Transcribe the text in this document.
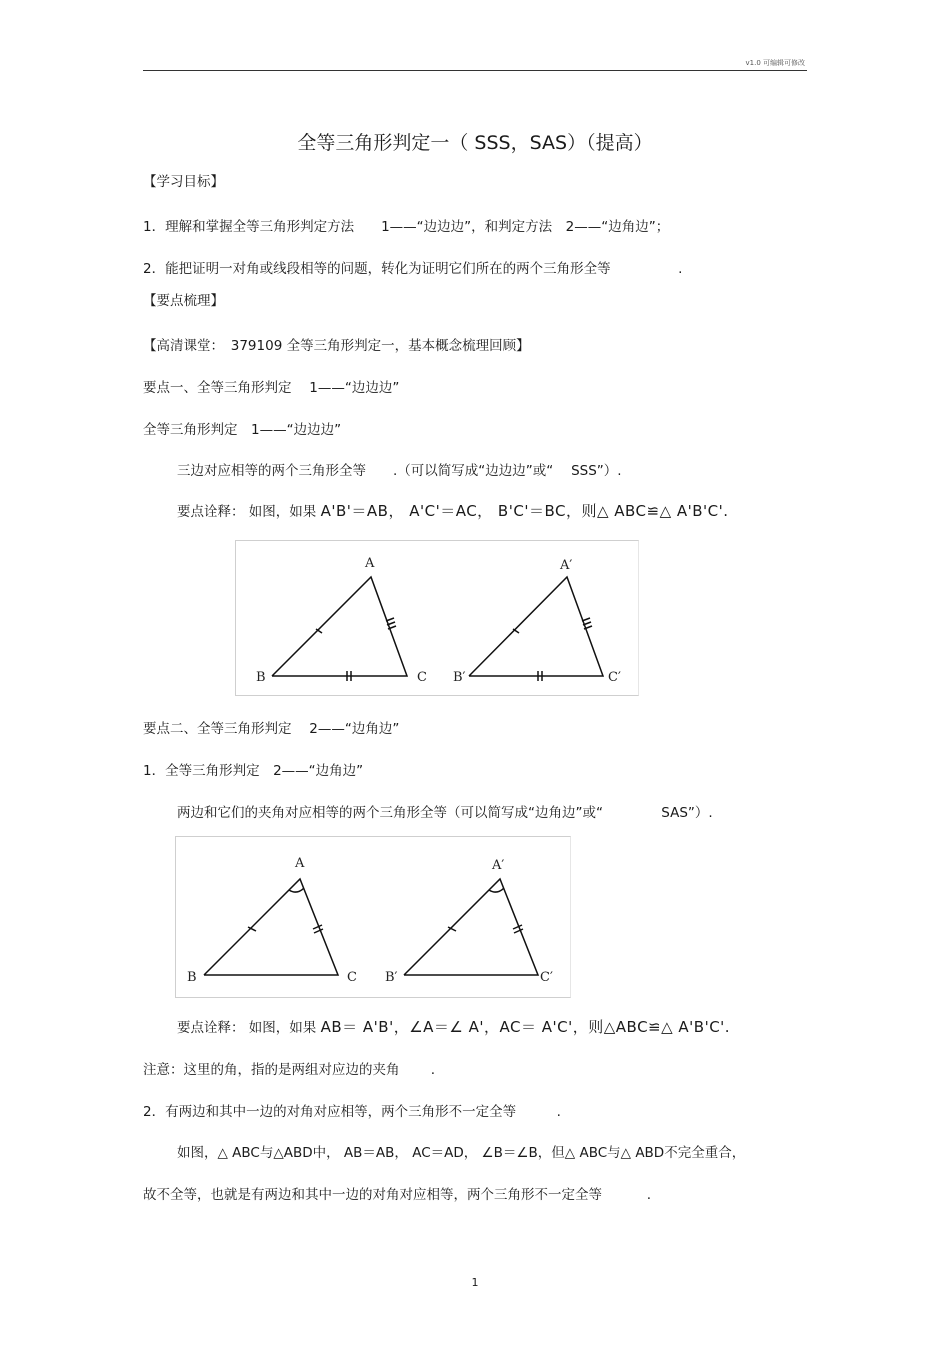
v1.0 可编辑可修改
全等三角形判定一（ SSS，SAS）（提高）
【学习目标】
1．理解和掌握全等三角形判定方法　　1——“边边边”，和判定方法　2——“边角边”；
2．能把证明一对角或线段相等的问题，转化为证明它们所在的两个三角形全等　　　　　.
【要点梳理】
【高清课堂：　379109 全等三角形判定一，基本概念梳理回顾】
要点一、全等三角形判定　 1——“边边边”
全等三角形判定　1——“边边边”
三边对应相等的两个三角形全等　　.（可以简写成“边边边”或“　 SSS”）.
要点诠释： 如图，如果 A'B'＝AB， A'C'＝AC， B'C'＝BC，则△ ABC≌△ A'B'C'.
A
B	C
A′
B′	C′
要点二、全等三角形判定　 2——“边角边”
1．全等三角形判定　2——“边角边”
两边和它们的夹角对应相等的两个三角形全等（可以简写成“边角边”或“　　　　 SAS”）.
A
B	C
A′
B′	C′
要点诠释： 如图，如果 AB＝ A'B'，∠A＝∠ A'，AC＝ A'C'，则△ABC≌△ A'B'C'.
注意：这里的角，指的是两组对应边的夹角　　 .
2．有两边和其中一边的对角对应相等，两个三角形不一定全等　　　.
如图，△ ABC与△ABD中， AB＝AB， AC＝AD， ∠B＝∠B，但△ ABC与△ ABD不完全重合，
故不全等，也就是有两边和其中一边的对角对应相等，两个三角形不一定全等　　　 .
1
